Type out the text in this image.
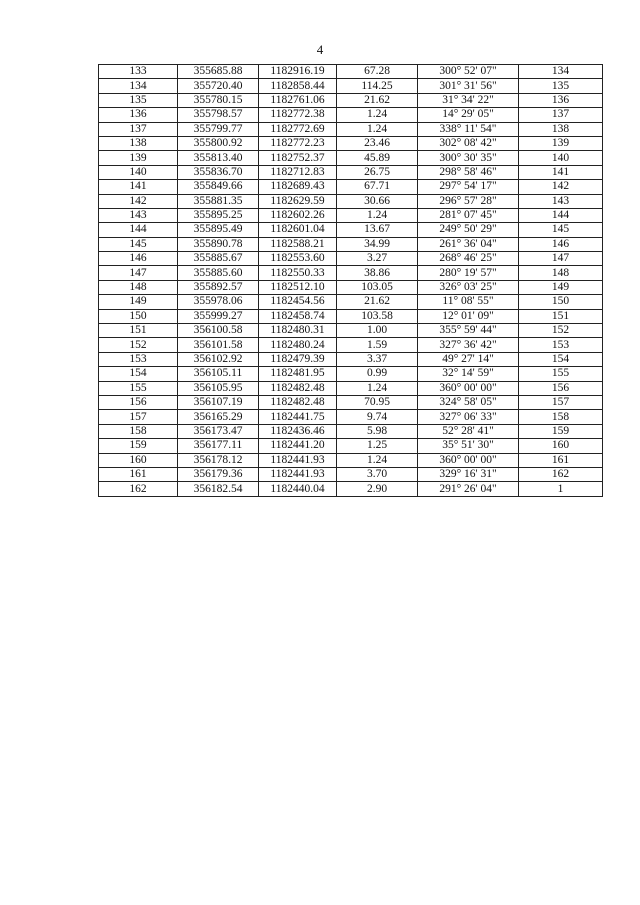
4
133	355685.88	1182916.19	67.28	300° 52' 07"	134
134	355720.40	1182858.44	114.25	301° 31' 56"	135
135	355780.15	1182761.06	21.62	31° 34' 22"	136
136	355798.57	1182772.38	1.24	14° 29' 05"	137
137	355799.77	1182772.69	1.24	338° 11' 54"	138
138	355800.92	1182772.23	23.46	302° 08' 42"	139
139	355813.40	1182752.37	45.89	300° 30' 35"	140
140	355836.70	1182712.83	26.75	298° 58' 46"	141
141	355849.66	1182689.43	67.71	297° 54' 17"	142
142	355881.35	1182629.59	30.66	296° 57' 28"	143
143	355895.25	1182602.26	1.24	281° 07' 45"	144
144	355895.49	1182601.04	13.67	249° 50' 29"	145
145	355890.78	1182588.21	34.99	261° 36' 04"	146
146	355885.67	1182553.60	3.27	268° 46' 25"	147
147	355885.60	1182550.33	38.86	280° 19' 57"	148
148	355892.57	1182512.10	103.05	326° 03' 25"	149
149	355978.06	1182454.56	21.62	11° 08' 55"	150
150	355999.27	1182458.74	103.58	12° 01' 09"	151
151	356100.58	1182480.31	1.00	355° 59' 44"	152
152	356101.58	1182480.24	1.59	327° 36' 42"	153
153	356102.92	1182479.39	3.37	49° 27' 14"	154
154	356105.11	1182481.95	0.99	32° 14' 59"	155
155	356105.95	1182482.48	1.24	360° 00' 00"	156
156	356107.19	1182482.48	70.95	324° 58' 05"	157
157	356165.29	1182441.75	9.74	327° 06' 33"	158
158	356173.47	1182436.46	5.98	52° 28' 41"	159
159	356177.11	1182441.20	1.25	35° 51' 30"	160
160	356178.12	1182441.93	1.24	360° 00' 00"	161
161	356179.36	1182441.93	3.70	329° 16' 31"	162
162	356182.54	1182440.04	2.90	291° 26' 04"	1
